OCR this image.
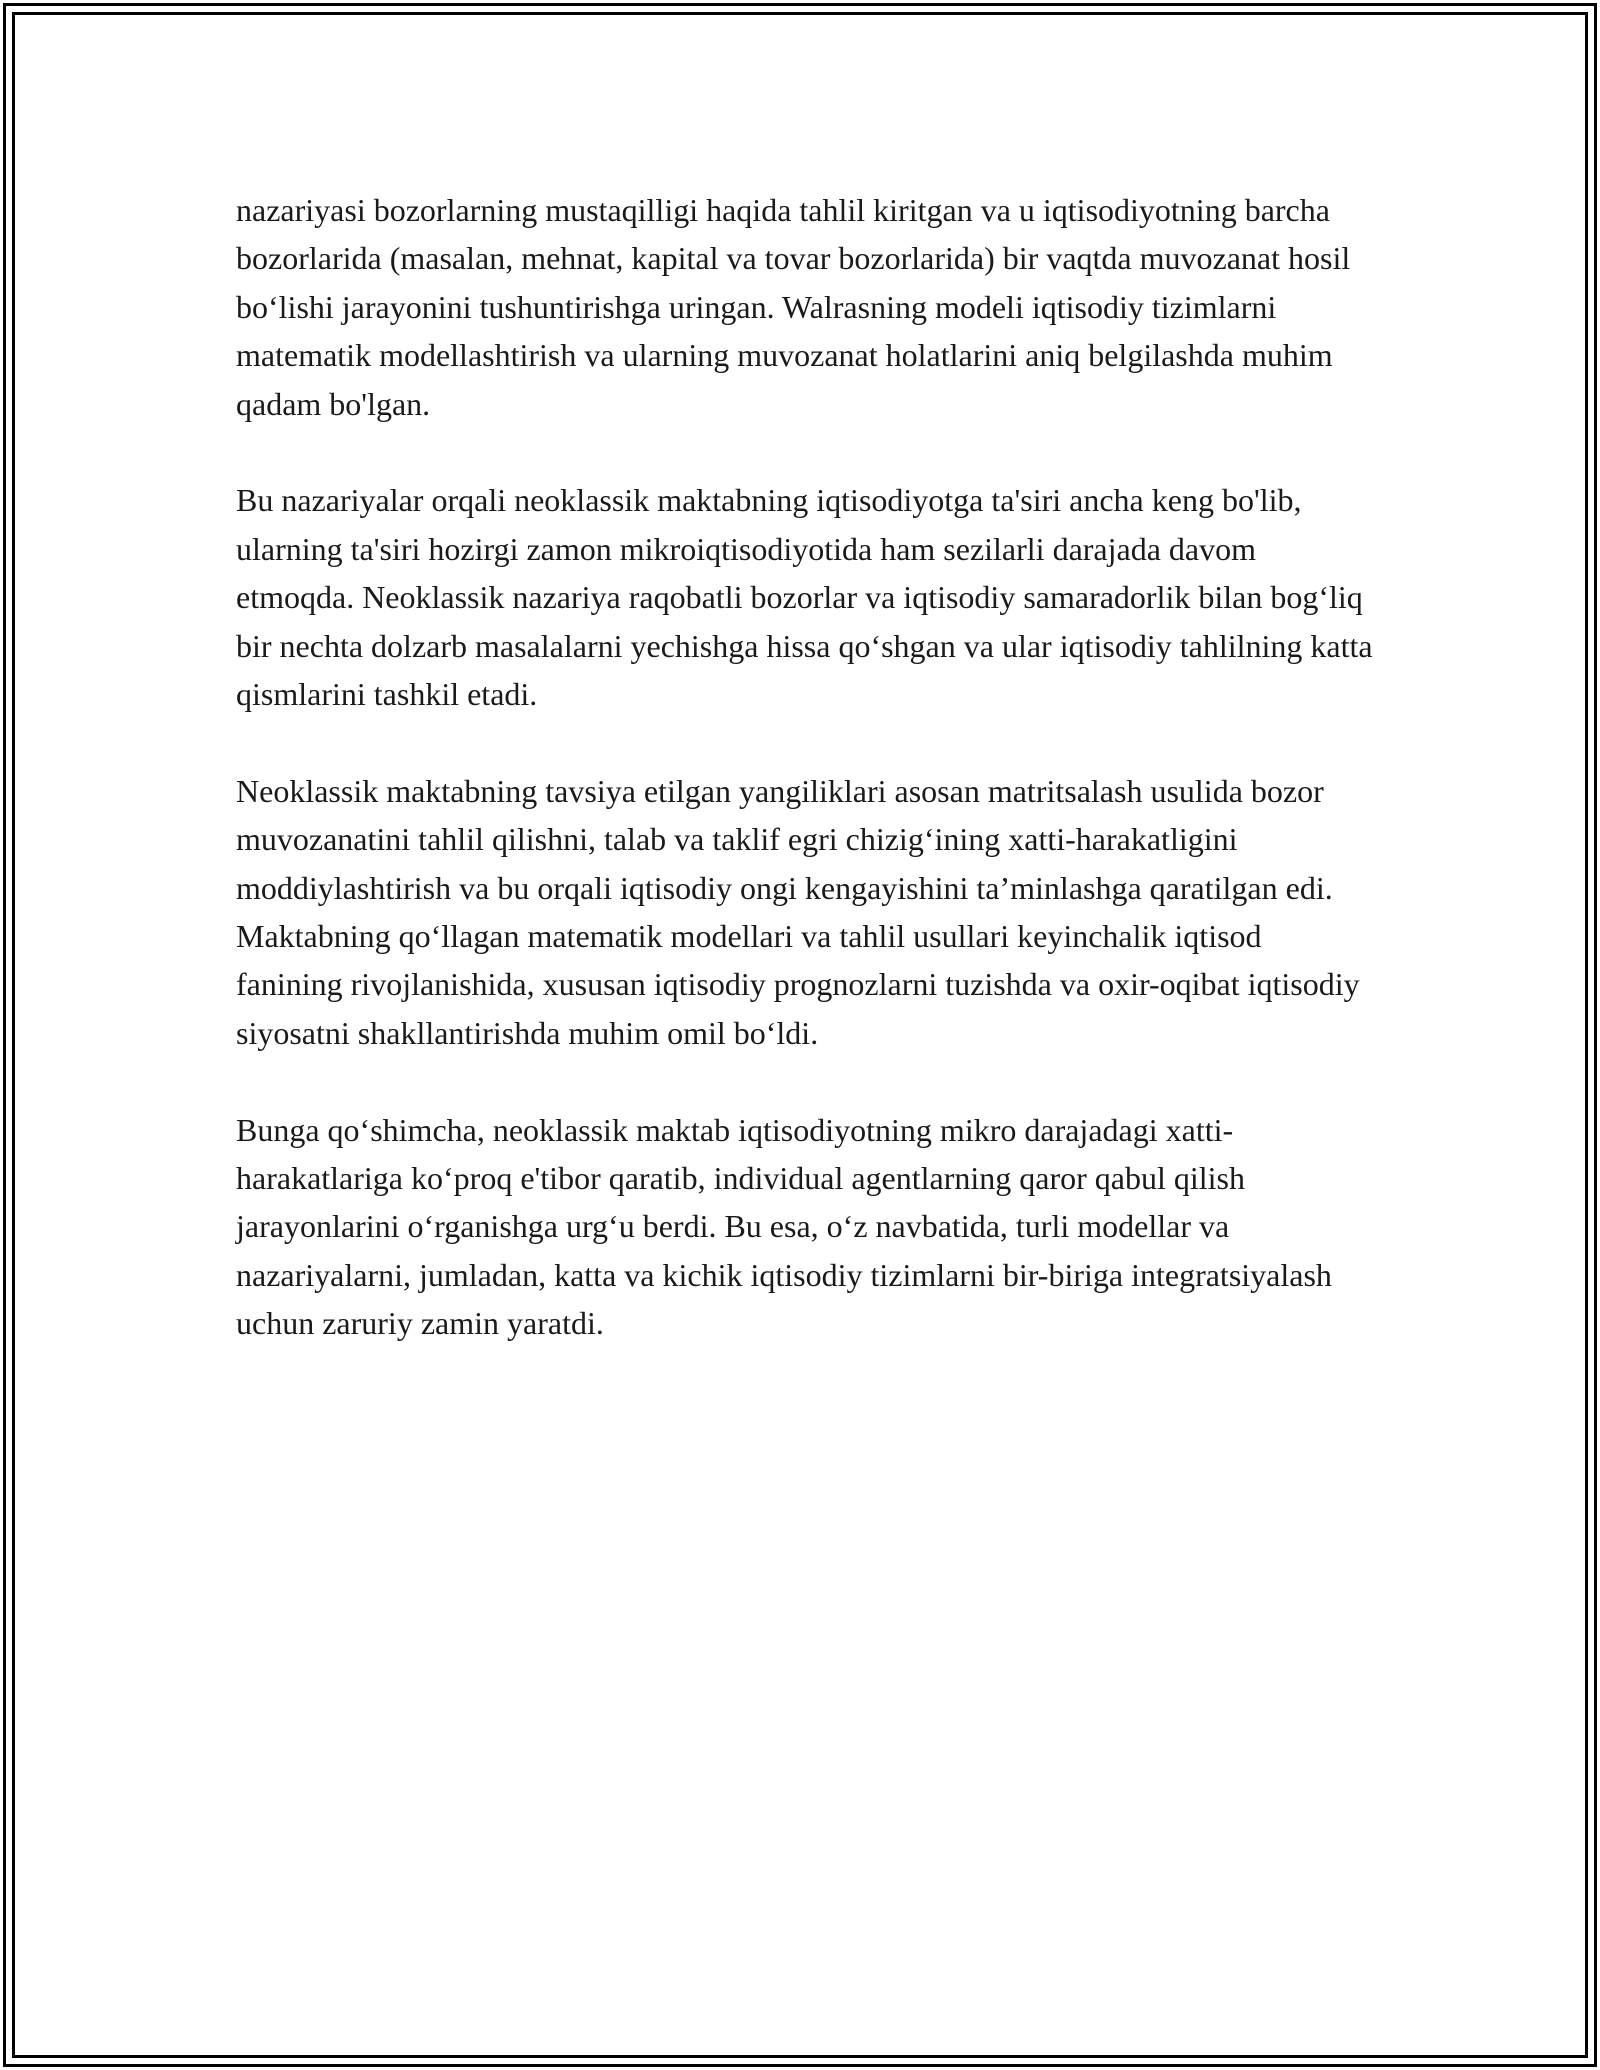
nazariyasi bozorlarning mustaqilligi haqida tahlil kiritgan va u iqtisodiyotning barcha bozorlarida (masalan, mehnat, kapital va tovar bozorlarida) bir vaqtda muvozanat hosil bo‘lishi jarayonini tushuntirishga uringan. Walrasning modeli iqtisodiy tizimlarni matematik modellashtirish va ularning muvozanat holatlarini aniq belgilashda muhim qadam bo'lgan.

Bu nazariyalar orqali neoklassik maktabning iqtisodiyotga ta'siri ancha keng bo'lib, ularning ta'siri hozirgi zamon mikroiqtisodiyotida ham sezilarli darajada davom etmoqda. Neoklassik nazariya raqobatli bozorlar va iqtisodiy samaradorlik bilan bog‘liq bir nechta dolzarb masalalarni yechishga hissa qo‘shgan va ular iqtisodiy tahlilning katta qismlarini tashkil etadi.

Neoklassik maktabning tavsiya etilgan yangiliklari asosan matritsalash usulida bozor muvozanatini tahlil qilishni, talab va taklif egri chizig‘ining xatti-harakatligini moddiylashtirish va bu orqali iqtisodiy ongi kengayishini ta’minlashga qaratilgan edi. Maktabning qo‘llagan matematik modellari va tahlil usullari keyinchalik iqtisod fanining rivojlanishida, xususan iqtisodiy prognozlarni tuzishda va oxir-oqibat iqtisodiy siyosatni shakllantirishda muhim omil bo‘ldi.

Bunga qo‘shimcha, neoklassik maktab iqtisodiyotning mikro darajadagi xatti-harakatlariga ko‘proq e'tibor qaratib, individual agentlarning qaror qabul qilish jarayonlarini o‘rganishga urg‘u berdi. Bu esa, o‘z navbatida, turli modellar va nazariyalarni, jumladan, katta va kichik iqtisodiy tizimlarni bir-biriga integratsiyalash uchun zaruriy zamin yaratdi.
